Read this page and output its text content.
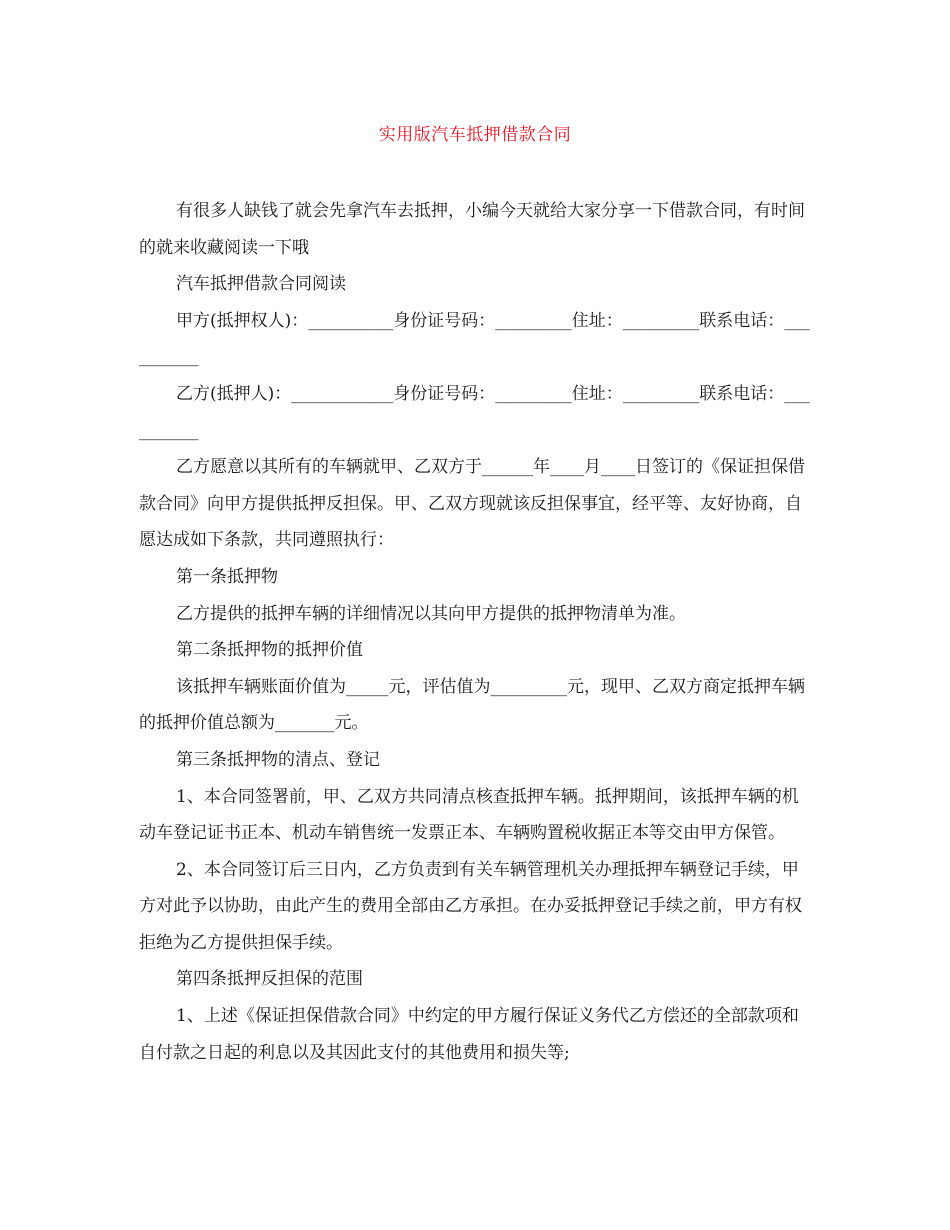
实用版汽车抵押借款合同

有很多人缺钱了就会先拿汽车去抵押，小编今天就给大家分享一下借款合同，有时间的就来收藏阅读一下哦

汽车抵押借款合同阅读

甲方(抵押权人)：__________身份证号码：_________住址：_________联系电话：__________

乙方(抵押人)：____________身份证号码：_________住址：_________联系电话：__________

乙方愿意以其所有的车辆就甲、乙双方于______年____月____日签订的《保证担保借款合同》向甲方提供抵押反担保。甲、乙双方现就该反担保事宜，经平等、友好协商，自愿达成如下条款，共同遵照执行：

第一条抵押物

乙方提供的抵押车辆的详细情况以其向甲方提供的抵押物清单为准。

第二条抵押物的抵押价值

该抵押车辆账面价值为_____元，评估值为_________元，现甲、乙双方商定抵押车辆的抵押价值总额为_______元。

第三条抵押物的清点、登记

1、本合同签署前，甲、乙双方共同清点核查抵押车辆。抵押期间，该抵押车辆的机动车登记证书正本、机动车销售统一发票正本、车辆购置税收据正本等交由甲方保管。

2、本合同签订后三日内，乙方负责到有关车辆管理机关办理抵押车辆登记手续，甲方对此予以协助，由此产生的费用全部由乙方承担。在办妥抵押登记手续之前，甲方有权拒绝为乙方提供担保手续。

第四条抵押反担保的范围

1、上述《保证担保借款合同》中约定的甲方履行保证义务代乙方偿还的全部款项和自付款之日起的利息以及其因此支付的其他费用和损失等;
